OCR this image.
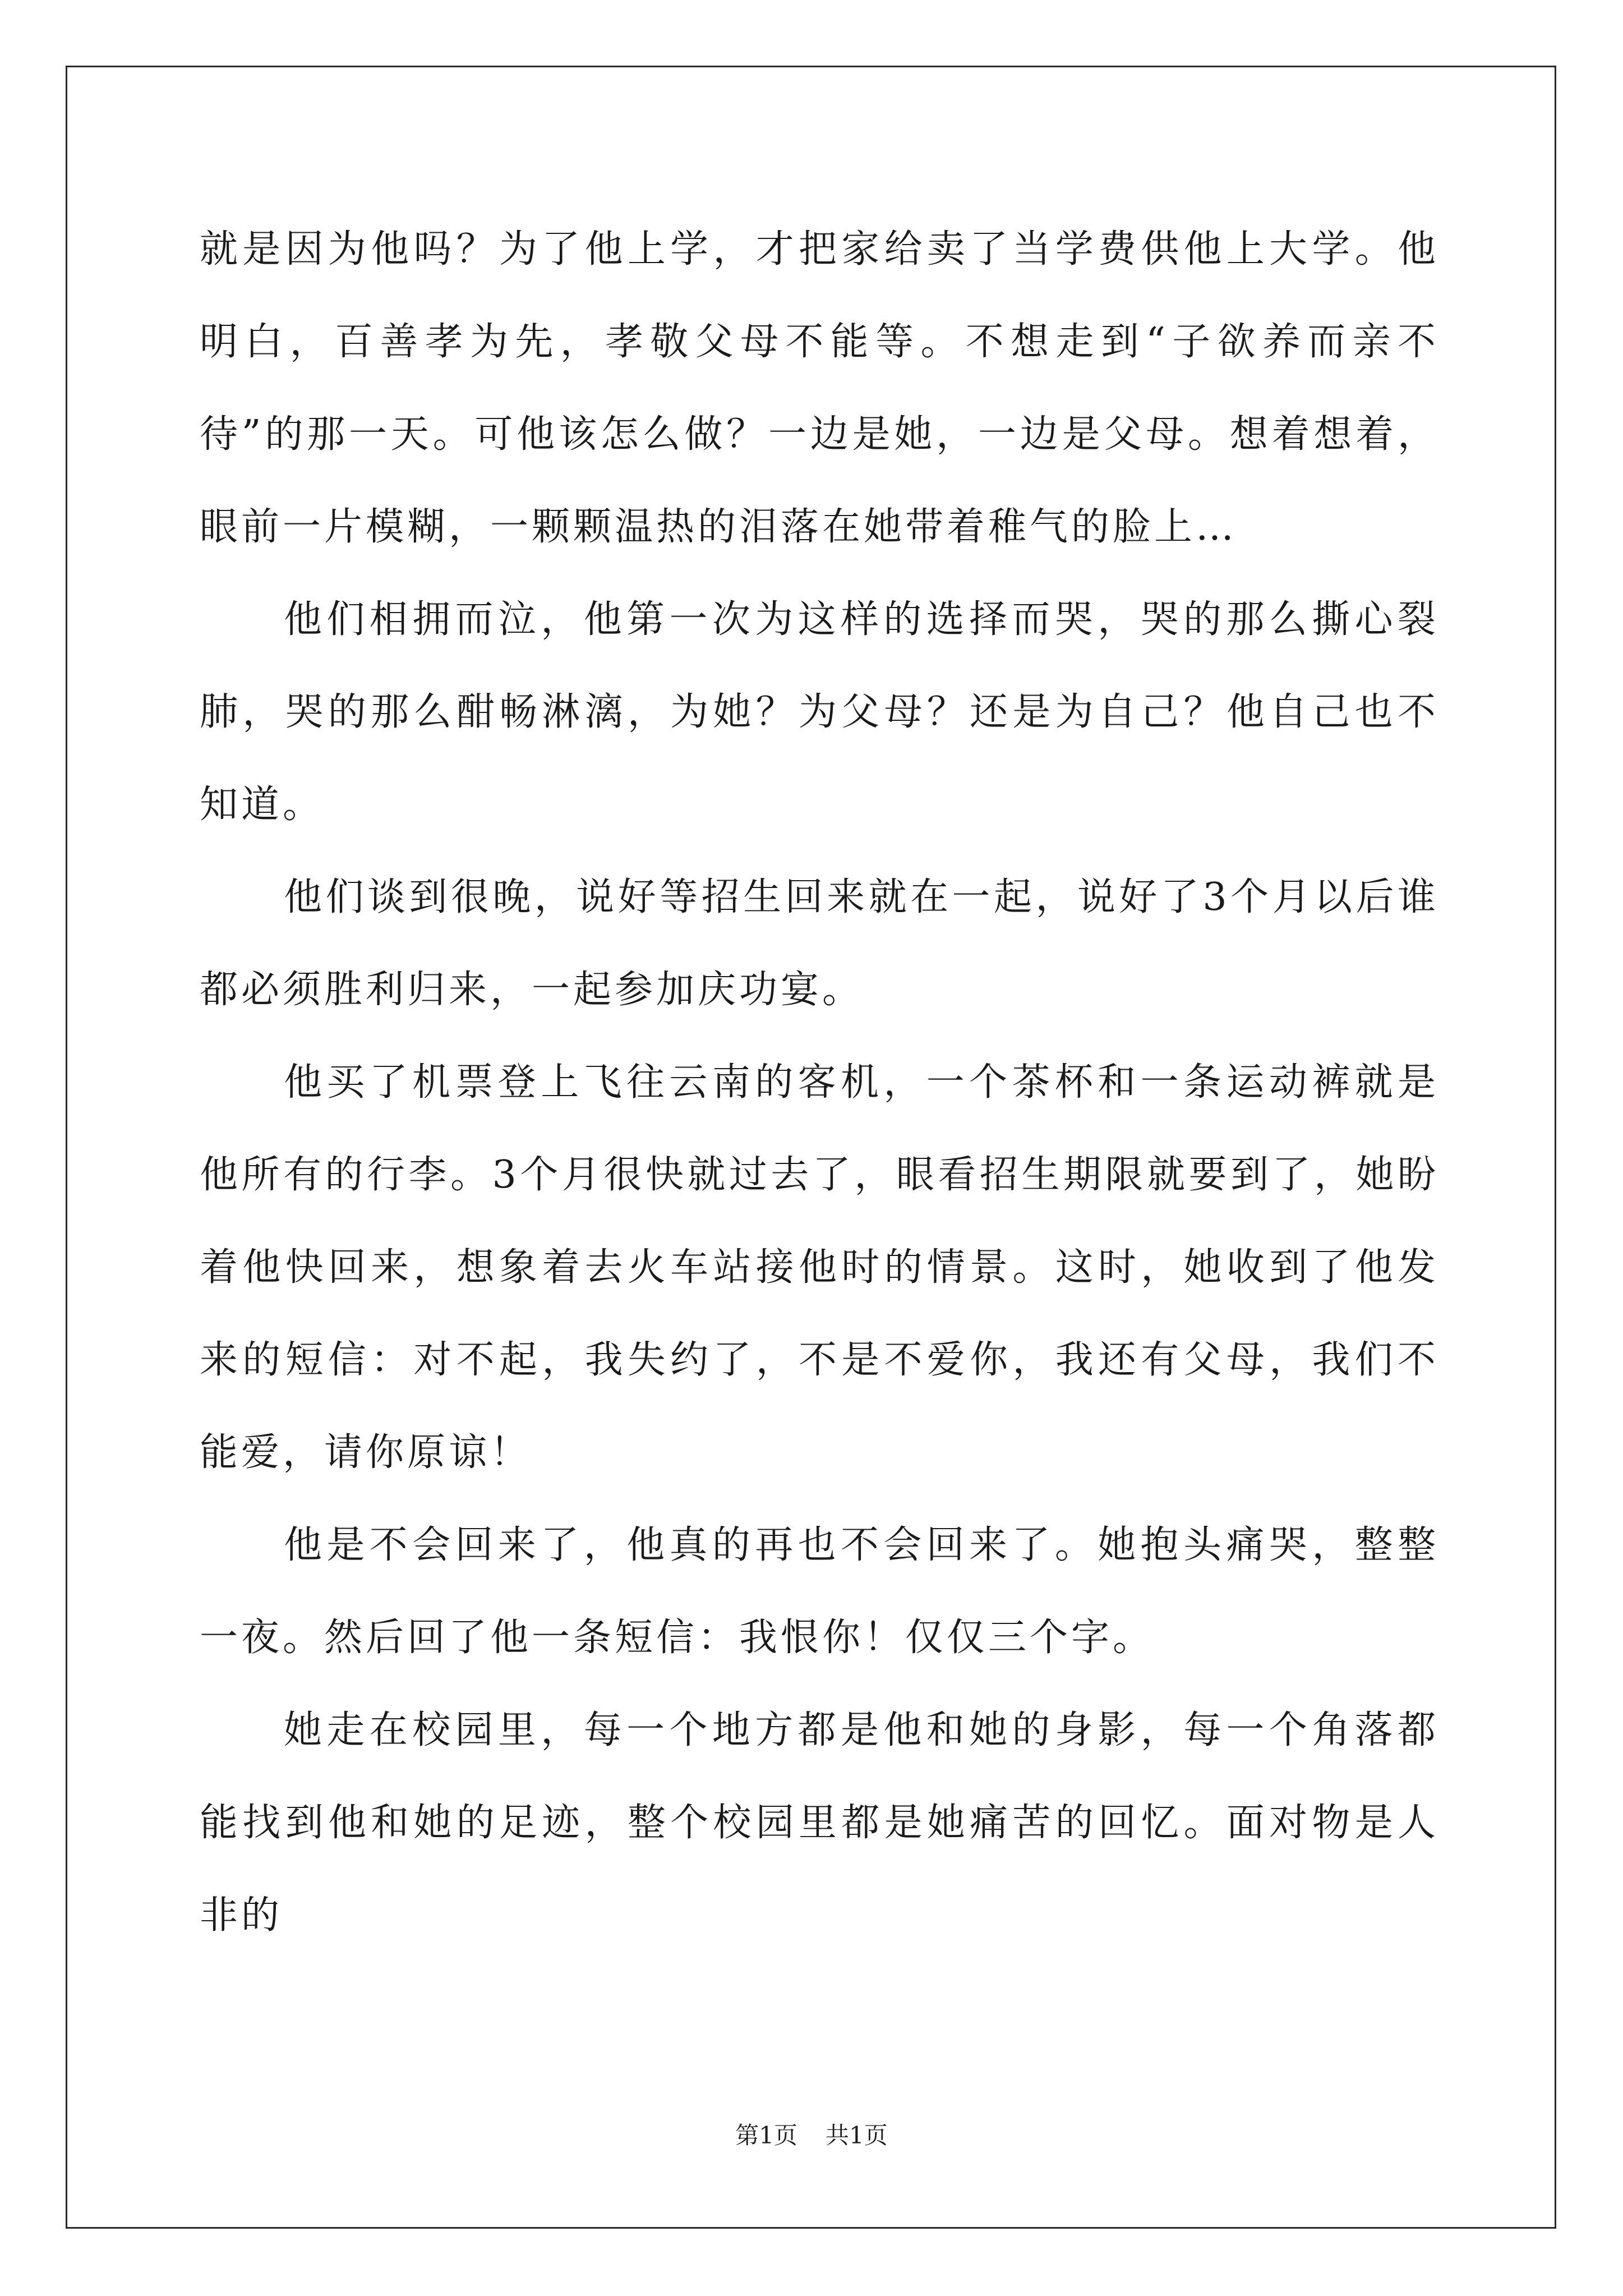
就是因为他吗？为了他上学，才把家给卖了当学费供他上大学。他明白，百善孝为先，孝敬父母不能等。不想走到“子欲养而亲不待”的那一天。可他该怎么做？一边是她，一边是父母。想着想着，眼前一片模糊，一颗颗温热的泪落在她带着稚气的脸上…

他们相拥而泣，他第一次为这样的选择而哭，哭的那么撕心裂肺，哭的那么酣畅淋漓，为她？为父母？还是为自己？他自己也不知道。

他们谈到很晚，说好等招生回来就在一起，说好了3个月以后谁都必须胜利归来，一起参加庆功宴。

他买了机票登上飞往云南的客机，一个茶杯和一条运动裤就是他所有的行李。3个月很快就过去了，眼看招生期限就要到了，她盼着他快回来，想象着去火车站接他时的情景。这时，她收到了他发来的短信：对不起，我失约了，不是不爱你，我还有父母，我们不能爱，请你原谅！

他是不会回来了，他真的再也不会回来了。她抱头痛哭，整整一夜。然后回了他一条短信：我恨你！仅仅三个字。

她走在校园里，每一个地方都是他和她的身影，每一个角落都能找到他和她的足迹，整个校园里都是她痛苦的回忆。面对物是人非的

第1页 共1页
